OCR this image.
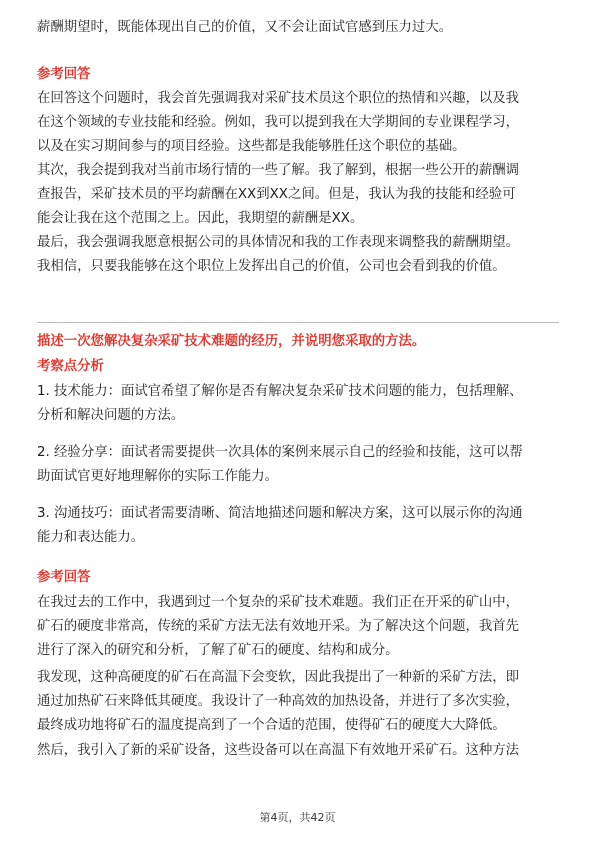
薪酬期望时，既能体现出自己的价值，又不会让面试官感到压力过大。

参考回答

在回答这个问题时，我会首先强调我对采矿技术员这个职位的热情和兴趣，以及我
在这个领域的专业技能和经验。例如，我可以提到我在大学期间的专业课程学习，
以及在实习期间参与的项目经验。这些都是我能够胜任这个职位的基础。

其次，我会提到我对当前市场行情的一些了解。我了解到，根据一些公开的薪酬调
查报告，采矿技术员的平均薪酬在XX到XX之间。但是，我认为我的技能和经验可
能会让我在这个范围之上。因此，我期望的薪酬是XX。

最后，我会强调我愿意根据公司的具体情况和我的工作表现来调整我的薪酬期望。
我相信，只要我能够在这个职位上发挥出自己的价值，公司也会看到我的价值。

描述一次您解决复杂采矿技术难题的经历，并说明您采取的方法。

考察点分析

1. 技术能力：面试官希望了解你是否有解决复杂采矿技术问题的能力，包括理解、
分析和解决问题的方法。

2. 经验分享：面试者需要提供一次具体的案例来展示自己的经验和技能，这可以帮
助面试官更好地理解你的实际工作能力。

3. 沟通技巧：面试者需要清晰、简洁地描述问题和解决方案，这可以展示你的沟通
能力和表达能力。

参考回答

在我过去的工作中，我遇到过一个复杂的采矿技术难题。我们正在开采的矿山中，
矿石的硬度非常高，传统的采矿方法无法有效地开采。为了解决这个问题，我首先
进行了深入的研究和分析，了解了矿石的硬度、结构和成分。

我发现，这种高硬度的矿石在高温下会变软，因此我提出了一种新的采矿方法，即
通过加热矿石来降低其硬度。我设计了一种高效的加热设备，并进行了多次实验，
最终成功地将矿石的温度提高到了一个合适的范围，使得矿石的硬度大大降低。

然后，我引入了新的采矿设备，这些设备可以在高温下有效地开采矿石。这种方法

第4页，共42页
